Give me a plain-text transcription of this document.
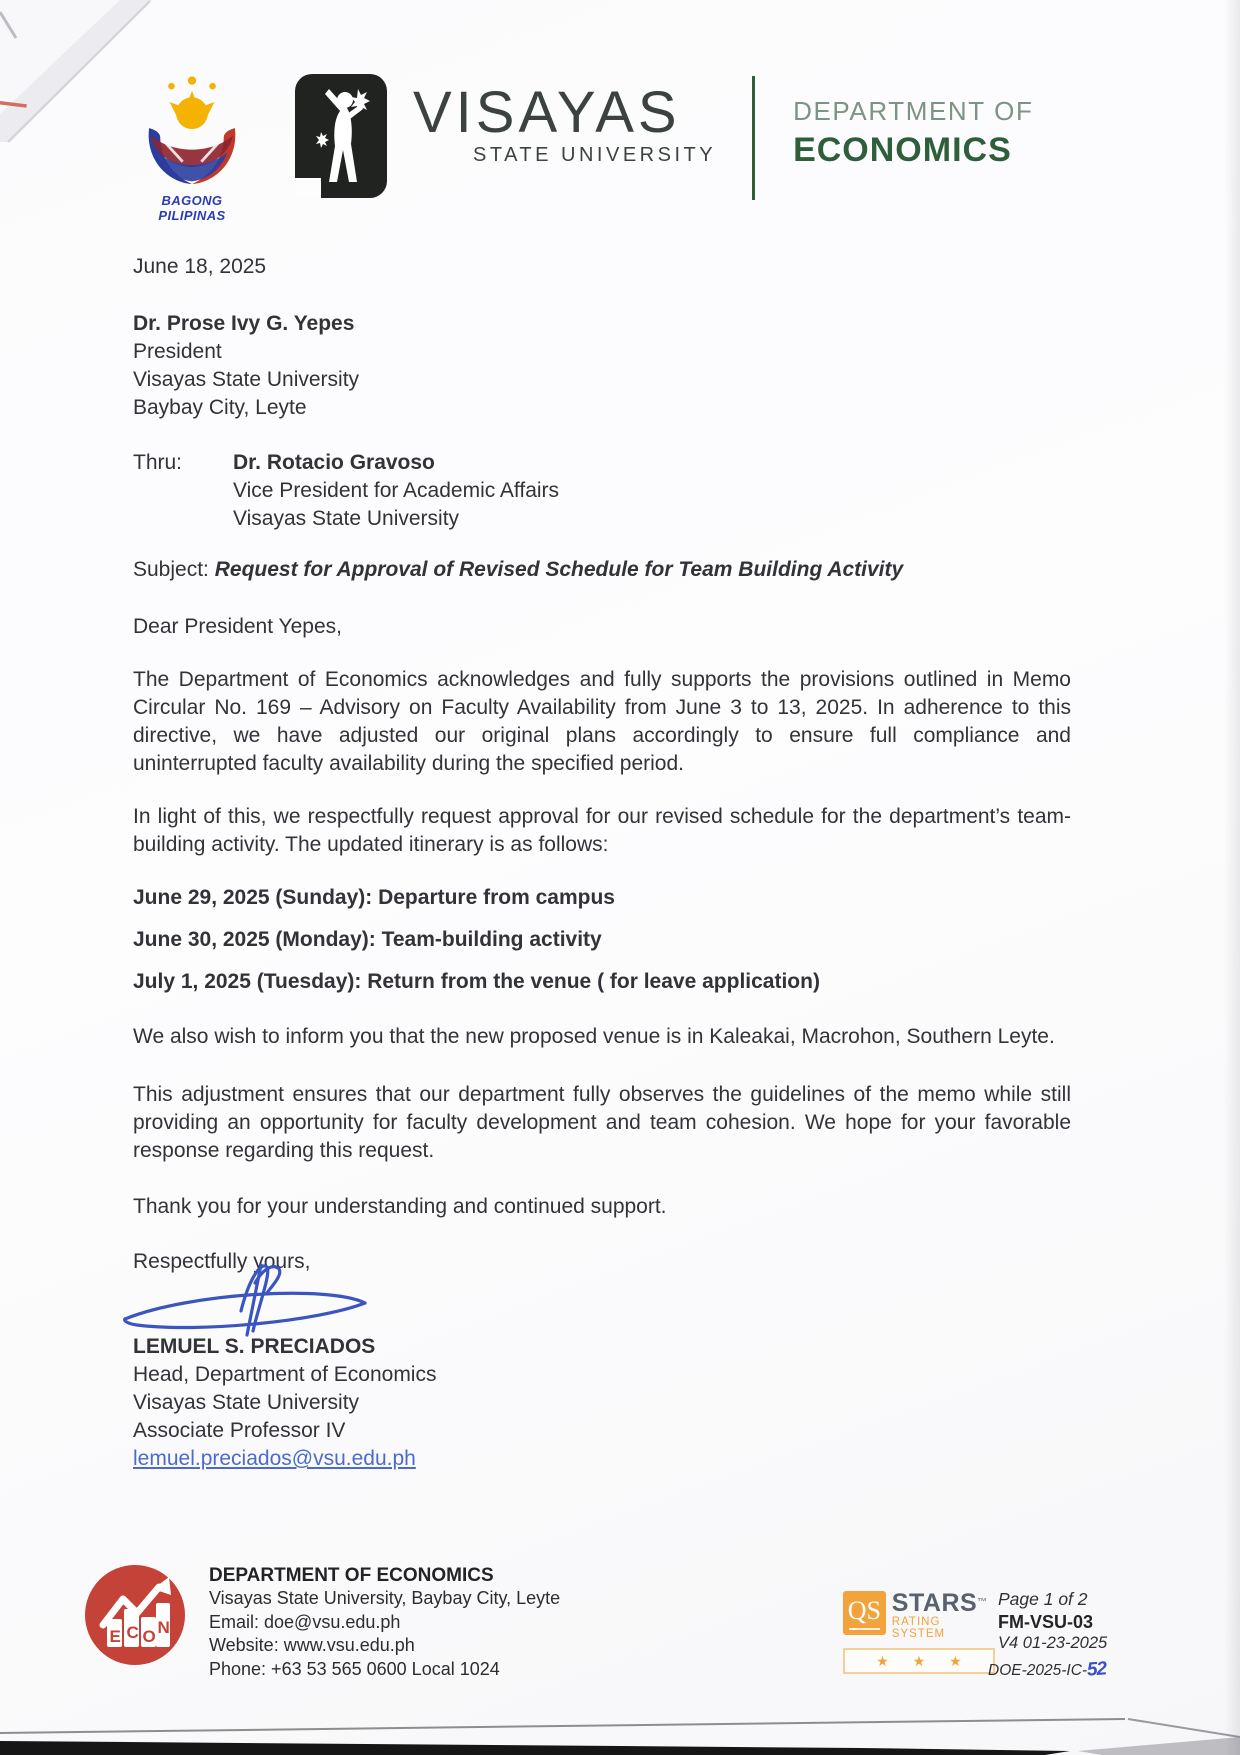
BAGONG PILIPINAS
VISAYAS
STATE UNIVERSITY
DEPARTMENT OF
ECONOMICS
June 18, 2025
Dr. Prose Ivy G. Yepes
President
Visayas State University
Baybay City, Leyte
Thru:	Dr. Rotacio Gravoso
Vice President for Academic Affairs
Visayas State University
Subject: Request for Approval of Revised Schedule for Team Building Activity
Dear President Yepes,
The Department of Economics acknowledges and fully supports the provisions outlined in Memo Circular No. 169 – Advisory on Faculty Availability from June 3 to 13, 2025. In adherence to this directive, we have adjusted our original plans accordingly to ensure full compliance and uninterrupted faculty availability during the specified period.
In light of this, we respectfully request approval for our revised schedule for the department’s team-building activity. The updated itinerary is as follows:
June 29, 2025 (Sunday): Departure from campus
June 30, 2025 (Monday): Team-building activity
July 1, 2025 (Tuesday): Return from the venue ( for leave application)
We also wish to inform you that the new proposed venue is in Kaleakai, Macrohon, Southern Leyte.
This adjustment ensures that our department fully observes the guidelines of the memo while still providing an opportunity for faculty development and team cohesion. We hope for your favorable response regarding this request.
Thank you for your understanding and continued support.
Respectfully yours,
LEMUEL S. PRECIADOS
Head, Department of Economics
Visayas State University
Associate Professor IV
lemuel.preciados@vsu.edu.ph
E C O N
DEPARTMENT OF ECONOMICS
Visayas State University, Baybay City, Leyte
Email: doe@vsu.edu.ph
Website: www.vsu.edu.ph
Phone: +63 53 565 0600 Local 1024
QS STARS™
RATING SYSTEM
★ ★ ★
Page 1 of 2
FM-VSU-03
V4 01-23-2025
DOE-2025-IC-52
